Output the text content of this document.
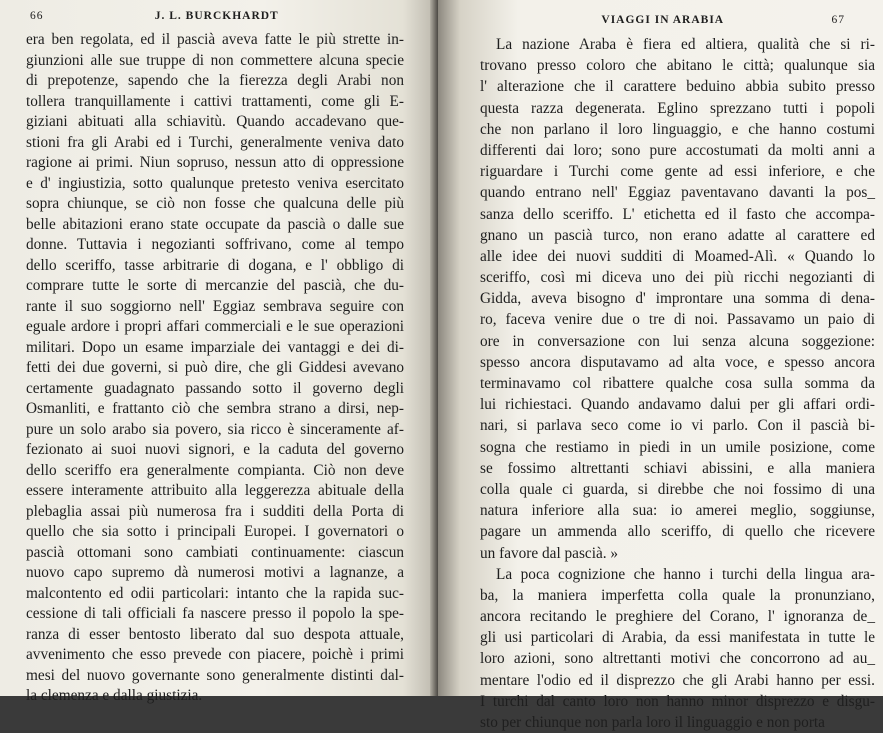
66	J. L. BURCKHARDT
era ben regolata, ed il pascià aveva fatte le più strette in-
giunzioni alle sue truppe di non commettere alcuna specie
di prepotenze, sapendo che la fierezza degli Arabi non
tollera tranquillamente i cattivi trattamenti, come gli E-
giziani abituati alla schiavitù. Quando accadevano que-
stioni fra gli Arabi ed i Turchi, generalmente veniva dato
ragione ai primi. Niun sopruso, nessun atto di oppressione
e d' ingiustizia, sotto qualunque pretesto veniva esercitato
sopra chiunque, se ciò non fosse che qualcuna delle più
belle abitazioni erano state occupate da pascià o dalle sue
donne. Tuttavia i negozianti soffrivano, come al tempo
dello sceriffo, tasse arbitrarie di dogana, e l' obbligo di
comprare tutte le sorte di mercanzie del pascià, che du-
rante il suo soggiorno nell' Eggiaz sembrava seguire con
eguale ardore i propri affari commerciali e le sue operazioni
militari. Dopo un esame imparziale dei vantaggi e dei di-
fetti dei due governi, si può dire, che gli Giddesi avevano
certamente guadagnato passando sotto il governo degli
Osmanliti, e frattanto ciò che sembra strano a dirsi, nep-
pure un solo arabo sia povero, sia ricco è sinceramente af-
fezionato ai suoi nuovi signori, e la caduta del governo
dello sceriffo era generalmente compianta. Ciò non deve
essere interamente attribuito alla leggerezza abituale della
plebaglia assai più numerosa fra i sudditi della Porta di
quello che sia sotto i principali Europei. I governatori o
pascià ottomani sono cambiati continuamente: ciascun
nuovo capo supremo dà numerosi motivi a lagnanze, a
malcontento ed odii particolari: intanto che la rapida suc-
cessione di tali officiali fa nascere presso il popolo la spe-
ranza di esser bentosto liberato dal suo despota attuale,
avvenimento che esso prevede con piacere, poichè i primi
mesi del nuovo governante sono generalmente distinti dal-
la clemenza e dalla giustizia.
VIAGGI IN ARABIA	67
La nazione Araba è fiera ed altiera, qualità che si ri-
trovano presso coloro che abitano le città; qualunque sia
l' alterazione che il carattere beduino abbia subito presso
questa razza degenerata. Eglino sprezzano tutti i popoli
che non parlano il loro linguaggio, e che hanno costumi
differenti dai loro; sono pure accostumati da molti anni a
riguardare i Turchi come gente ad essi inferiore, e che
quando entrano nell' Eggiaz paventavano davanti la pos_
sanza dello sceriffo. L' etichetta ed il fasto che accompa-
gnano un pascià turco, non erano adatte al carattere ed
alle idee dei nuovi sudditi di Moamed-Alì. « Quando lo
sceriffo, così mi diceva uno dei più ricchi negozianti di
Gidda, aveva bisogno d' improntare una somma di dena-
ro, faceva venire due o tre di noi. Passavamo un paio di
ore in conversazione con lui senza alcuna soggezione:
spesso ancora disputavamo ad alta voce, e spesso ancora
terminavamo col ribattere qualche cosa sulla somma da
lui richiestaci. Quando andavamo dalui per gli affari ordi-
nari, si parlava seco come io vi parlo. Con il pascià bi-
sogna che restiamo in piedi in un umile posizione, come
se fossimo altrettanti schiavi abissini, e alla maniera
colla quale ci guarda, si direbbe che noi fossimo di una
natura inferiore alla sua: io amerei meglio, soggiunse,
pagare un ammenda allo sceriffo, di quello che ricevere
un favore dal pascià. »
La poca cognizione che hanno i turchi della lingua ara-
ba, la maniera imperfetta colla quale la pronunziano,
ancora recitando le preghiere del Corano, l' ignoranza de_
gli usi particolari di Arabia, da essi manifestata in tutte le
loro azioni, sono altrettanti motivi che concorrono ad au_
mentare l'odio ed il disprezzo che gli Arabi hanno per essi.
I turchi dal canto loro non hanno minor disprezzo e disgu-
sto per chiunque non parla loro il linguaggio e non porta
